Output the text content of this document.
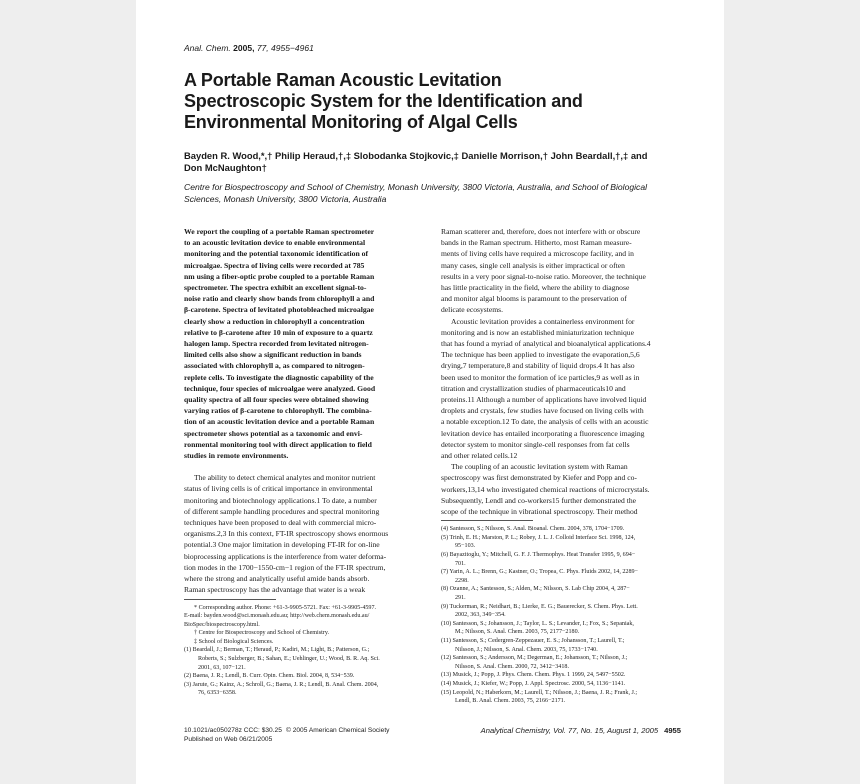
Anal. Chem. 2005, 77, 4955−4961
A Portable Raman Acoustic Levitation
Spectroscopic System for the Identification and
Environmental Monitoring of Algal Cells
Bayden R. Wood,*,† Philip Heraud,†,‡ Slobodanka Stojkovic,‡ Danielle Morrison,† John Beardall,†,‡ and
Don McNaughton†
Centre for Biospectroscopy and School of Chemistry, Monash University, 3800 Victoria, Australia, and School of Biological
Sciences, Monash University, 3800 Victoria, Australia
We report the coupling of a portable Raman spectrometer
to an acoustic levitation device to enable environmental
monitoring and the potential taxonomic identification of
microalgae. Spectra of living cells were recorded at 785
nm using a fiber-optic probe coupled to a portable Raman
spectrometer. The spectra exhibit an excellent signal-to-
noise ratio and clearly show bands from chlorophyll a and
β-carotene. Spectra of levitated photobleached microalgae
clearly show a reduction in chlorophyll a concentration
relative to β-carotene after 10 min of exposure to a quartz
halogen lamp. Spectra recorded from levitated nitrogen-
limited cells also show a significant reduction in bands
associated with chlorophyll a, as compared to nitrogen-
replete cells. To investigate the diagnostic capability of the
technique, four species of microalgae were analyzed. Good
quality spectra of all four species were obtained showing
varying ratios of β-carotene to chlorophyll. The combina-
tion of an acoustic levitation device and a portable Raman
spectrometer shows potential as a taxonomic and envi-
ronmental monitoring tool with direct application to field
studies in remote environments.
The ability to detect chemical analytes and monitor nutrient
status of living cells is of critical importance in environmental
monitoring and biotechnology applications.1 To date, a number
of different sample handling procedures and spectral monitoring
techniques have been proposed to deal with commercial micro-
organisms.2,3 In this context, FT-IR spectroscopy shows enormous
potential.3 One major limitation in developing FT-IR for on-line
bioprocessing applications is the interference from water deforma-
tion modes in the 1700−1550-cm−1 region of the FT-IR spectrum,
where the strong and analytically useful amide bands absorb.
Raman spectroscopy has the advantage that water is a weak
* Corresponding author. Phone: +61-3-9905-5721. Fax: +61-3-9905-4597.
E-mail: bayden.wood@sci.monash.edu.au; http://web.chem.monash.edu.au/
BioSpec/biospectroscopy.html.
† Centre for Biospectroscopy and School of Chemistry.
‡ School of Biological Sciences.
(1) Beardall, J.; Berman, T.; Heraud, P.; Kadiri, M.; Light, B.; Patterson, G.;
Roberts, S.; Sulzberger, B.; Sahan, E.; Uehlinger, U.; Wood, B. R. Aq. Sci.
2001, 63, 107−121.
(2) Baena, J. R.; Lendl, B. Curr. Opin. Chem. Biol. 2004, 8, 534−539.
(3) Jarute, G.; Kainz, A.; Schroll, G.; Baena, J. R.; Lendl, B. Anal. Chem. 2004,
76, 6353−6358.
Raman scatterer and, therefore, does not interfere with or obscure
bands in the Raman spectrum. Hitherto, most Raman measure-
ments of living cells have required a microscope facility, and in
many cases, single cell analysis is either impractical or often
results in a very poor signal-to-noise ratio. Moreover, the technique
has little practicality in the field, where the ability to diagnose
and monitor algal blooms is paramount to the preservation of
delicate ecosystems.
Acoustic levitation provides a containerless environment for
monitoring and is now an established miniaturization technique
that has found a myriad of analytical and bioanalytical applications.4
The technique has been applied to investigate the evaporation,5,6
drying,7 temperature,8 and stability of liquid drops.4 It has also
been used to monitor the formation of ice particles,9 as well as in
titration and crystallization studies of pharmaceuticals10 and
proteins.11 Although a number of applications have involved liquid
droplets and crystals, few studies have focused on living cells with
a notable exception.12 To date, the analysis of cells with an acoustic
levitation device has entailed incorporating a fluorescence imaging
detector system to monitor single-cell responses from fat cells
and other related cells.12
The coupling of an acoustic levitation system with Raman
spectroscopy was first demonstrated by Kiefer and Popp and co-
workers,13,14 who investigated chemical reactions of microcrystals.
Subsequently, Lendl and co-workers15 further demonstrated the
scope of the technique in vibrational spectroscopy. Their method
(4) Santesson, S.; Nilsson, S. Anal. Bioanal. Chem. 2004, 378, 1704−1709.
(5) Trinh, E. H.; Marston, P. L.; Robey, J. L. J. Colloid Interface Sci. 1998, 124,
95−103.
(6) Bayazitoglu, Y.; Mitchell, G. F. J. Thermophys. Heat Transfer 1995, 9, 694−
701.
(7) Yarin, A. L.; Brenn, G.; Kastner, O.; Tropea, C. Phys. Fluids 2002, 14, 2289−
2298.
(8) Ozanne, A.; Santesson, S.; Alden, M.; Nilsson, S. Lab Chip 2004, 4, 287−
291.
(9) Tuckerman, R.; Neidhart, B.; Lierke, E. G.; Bauerecker, S. Chem. Phys. Lett.
2002, 363, 349−354.
(10) Santesson, S.; Johansson, J.; Taylor, L. S.; Levander, I.; Fox, S.; Sepaniak,
M.; Nilsson, S. Anal. Chem. 2003, 75, 2177−2180.
(11) Santesson, S.; Cedergren-Zeppezauer, E. S.; Johansson, T.; Laurell, T.;
Nilsson, J.; Nilsson, S. Anal. Chem. 2003, 75, 1733−1740.
(12) Santesson, S.; Andersson, M.; Degerman, E.; Johansson, T.; Nilsson, J.;
Nilsson, S. Anal. Chem. 2000, 72, 3412−3418.
(13) Musick, J.; Popp, J. Phys. Chem. Chem. Phys. 1 1999, 24, 5497−5502.
(14) Musick, J.; Kiefer, W.; Popp, J. Appl. Spectrosc. 2000, 54, 1136−1141.
(15) Leopold, N.; Haberkorn, M.; Laurell, T.; Nilsson, J.; Baena, J. R.; Frank, J.;
Lendl, B. Anal. Chem. 2003, 75, 2166−2171.
10.1021/ac050278z CCC: $30.25
Published on Web 06/21/2005
© 2005 American Chemical Society	Analytical Chemistry, Vol. 77, No. 15, August 1, 2005 4955
